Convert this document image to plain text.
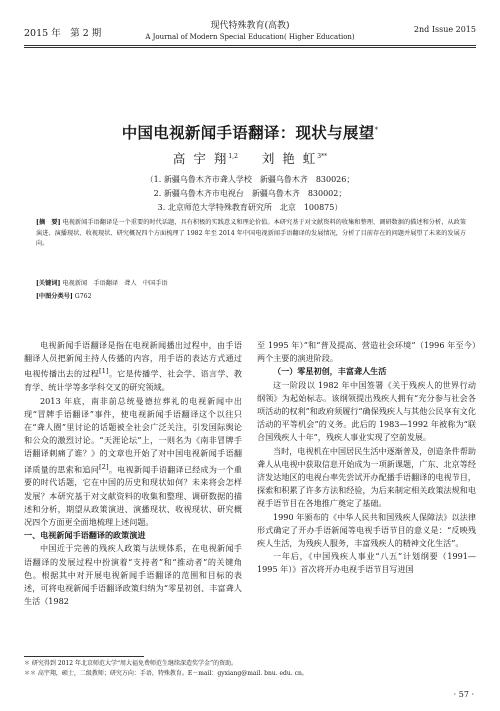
2015 年　第 2 期
现代特殊教育(高教)
A Journal of Modern Special Education( Higher Education)
2nd Issue 2015
中国电视新闻手语翻译：现状与展望*
高 宇 翔$^{1,2}$ 刘 艳 虹$^{3**}$
（1. 新疆乌鲁木齐市聋人学校　新疆乌鲁木齐　830026；
2. 新疆乌鲁木齐市电视台　新疆乌鲁木齐　830002；
3. 北京师范大学特殊教育研究所　北京　100875）
[摘　要] 电视新闻手语翻译是一个重要的时代话题，具有积极的实践意义和理论价值。本研究基于对文献资料的收集和整理、调研数据的描述和分析，从政策演进、演播现状、收视现状、研究概况四个方面梳理了 1982 年至 2014 年中国电视新闻手语翻译的发展情况，分析了目前存在的问题并展望了未来的发展方向。
[关键词] 电视新闻　手语翻译　聋人　中国手语
[中图分类号] G762

电视新闻手语翻译是指在电视新闻播出过程中，由手语翻译人员把新闻主持人传播的内容，用手语的表达方式通过电视传播出去的过程[1]。它是传播学、社会学、语言学、教育学、统计学等多学科交叉的研究领域。

2013 年底，南非前总统曼德拉葬礼的电视新闻中出现“冒牌手语翻译”事件，使电视新闻手语翻译这个以往只在“聋人圈”里讨论的话题被全社会广泛关注，引发国际舆论和公众的激烈讨论。“天涯论坛”上，一则名为《南非冒牌手语翻译刺痛了谁？》的文章也开始了对中国电视新闻手语翻译质量的思索和追问[2]。电视新闻手语翻译已经成为一个重要的时代话题，它在中国的历史和现状如何？未来将会怎样发展？本研究基于对文献资料的收集和整理、调研数据的描述和分析，期望从政策演进、演播现状、收视现状、研究概况四个方面更全面地梳理上述问题。

一、电视新闻手语翻译的政策演进

中国近于完善的残疾人政策与法规体系，在电视新闻手语翻译的发展过程中扮演着“支持者”和“推动者”的关键角色。根据其中对开展电视新闻手语翻译的范围和目标的表述，可将电视新闻手语翻译政策归纳为“零星初创、丰富聋人生活（1982

至 1995 年）”和“普及提高、营造社会环境”（1996 年至今）两个主要的演进阶段。

（一）零星初创，丰富聋人生活

这一阶段以 1982 年中国签署《关于残疾人的世界行动纲领》为起始标志。该纲领提出残疾人拥有“充分参与社会各项活动的权利”和政府须履行“确保残疾人与其他公民享有文化活动的平等机会”的义务。此后的 1983—1992 年被称为“联合国残疾人十年”，残疾人事业实现了空前发展。

当时，电视机在中国居民生活中逐渐普及，创造条件帮助聋人从电视中获取信息开始成为一项新课题，广东、北京等经济发达地区的电视台率先尝试开办配播手语翻译的电视节目，探索和积累了许多方法和经验，为后来制定相关政策法规和电视手语节目在各地推广奠定了基础。

1990 年颁布的《中华人民共和国残疾人保障法》以法律形式确定了开办手语新闻等电视手语节目的意义是：“反映残疾人生活，为残疾人服务，丰富残疾人的精神文化生活”。

一年后，《中国残疾人事业“八五”计划纲要（1991—1995 年）》首次将开办电视手语节目写进国

＊ 研究得到 2012 年北京师范大学“周大福免费师范生继续深造奖学金”的资助。
＊＊ 高宇翔，硕士，二级教师；研究方向：手语，特殊教育。E－mail：gyxiang@mail. bnu. edu. cn。
· 57 ·
